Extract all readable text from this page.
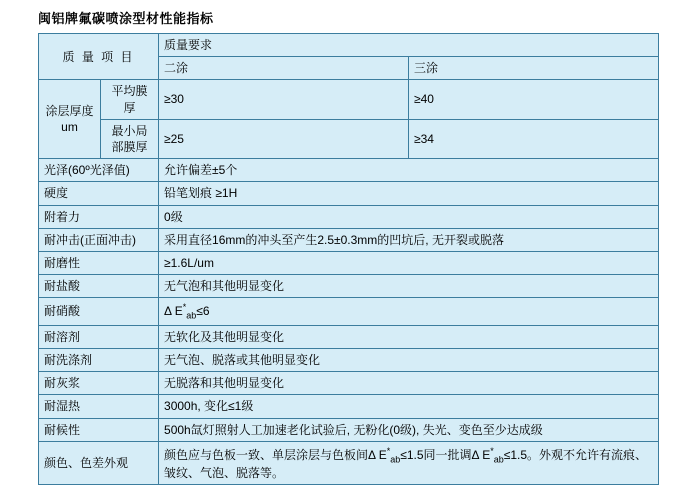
闽铝牌氟碳喷涂型材性能指标
质 量 项 目		质量要求	
		二涂	三涂
涂层厚度um	平均膜厚	≥30	≥40
	最小局部膜厚	≥25	≥34
光泽(60º光泽值)		允许偏差±5个	
硬度		铅笔划痕 ≥1H	
附着力		0级	
耐冲击(正面冲击)		采用直径16mm的冲头至产生2.5±0.3mm的凹坑后, 无开裂或脱落	
耐磨性		≥1.6L/um	
耐盐酸		无气泡和其他明显变化	
耐硝酸		Δ $E^*_{ab}\le 6$	
耐溶剂		无软化及其他明显变化	
耐洗涤剂		无气泡、脱落或其他明显变化	
耐灰浆		无脱落和其他明显变化	
耐湿热		3000h, 变化≤1级	
耐候性		500h氙灯照射人工加速老化试验后, 无粉化(0级), 失光、变色至少达成级	
颜色、色差外观		颜色应与色板一致、单层涂层与色板间Δ $E^*_{ab}\le 1.5$同一批调Δ $E^*_{ab}\le 1.5$。外观不允许有流痕、皱纹、气泡、脱落等。	
